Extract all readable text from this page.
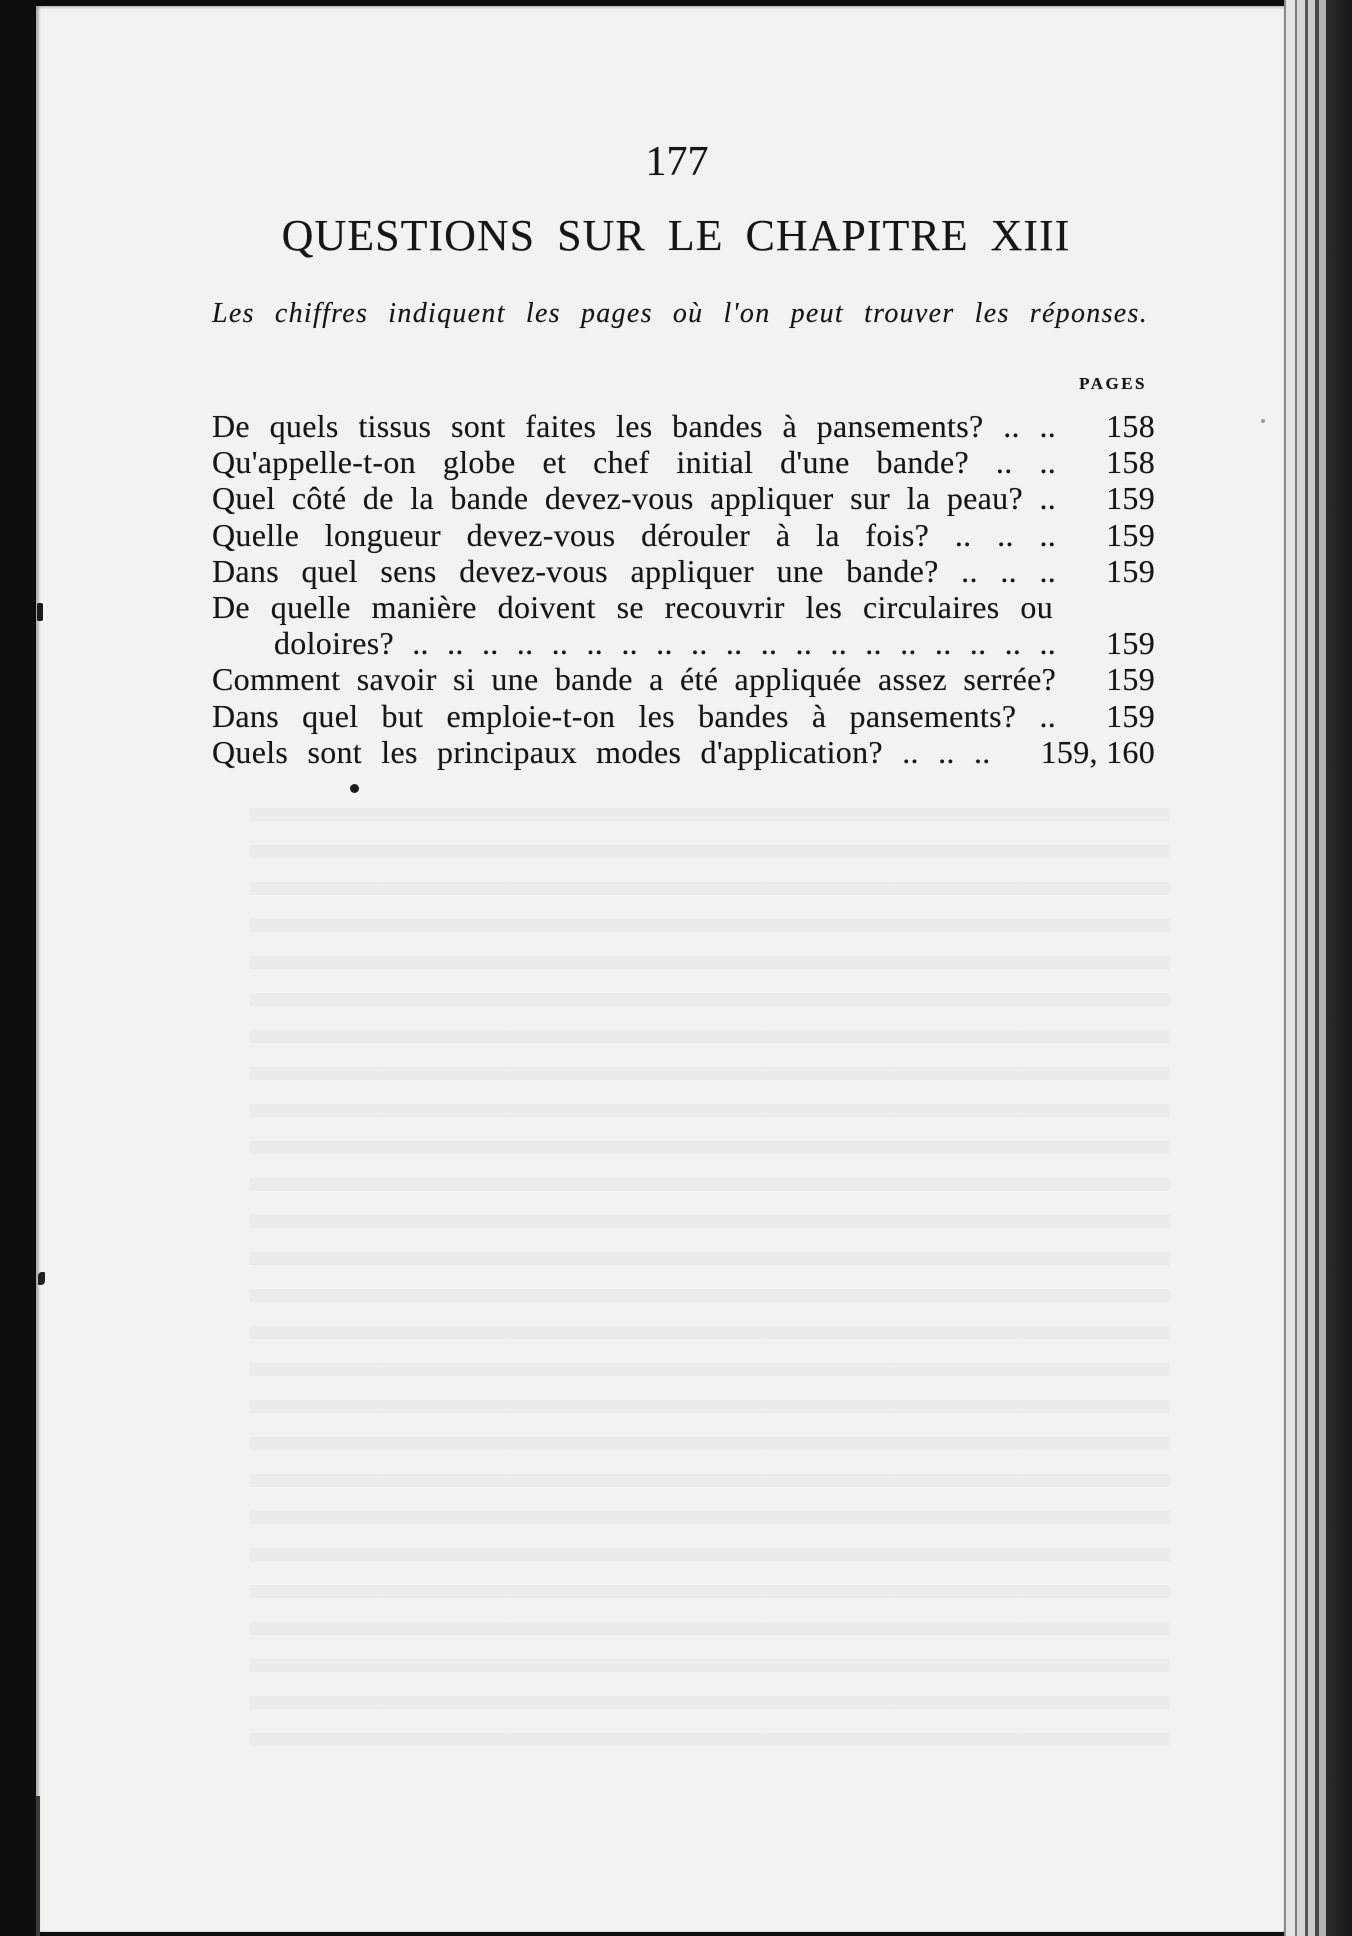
177
QUESTIONS SUR LE CHAPITRE XIII
Les chiffres indiquent les pages où l'on peut trouver les réponses.
PAGES
De quels tissus sont faites les bandes à pansements? .. .. 158
Qu'appelle-t-on globe et chef initial d'une bande? .. .. 158
Quel côté de la bande devez-vous appliquer sur la peau? .. 159
Quelle longueur devez-vous dérouler à la fois? .. .. .. 159
Dans quel sens devez-vous appliquer une bande? .. .. .. 159
De quelle manière doivent se recouvrir les circulaires ou
doloires? .. .. .. .. .. .. .. .. .. .. .. .. .. .. .. .. .. .. .. 159
Comment savoir si une bande a été appliquée assez serrée? 159
Dans quel but emploie-t-on les bandes à pansements? .. 159
Quels sont les principaux modes d'application? .. .. .. 159, 160
